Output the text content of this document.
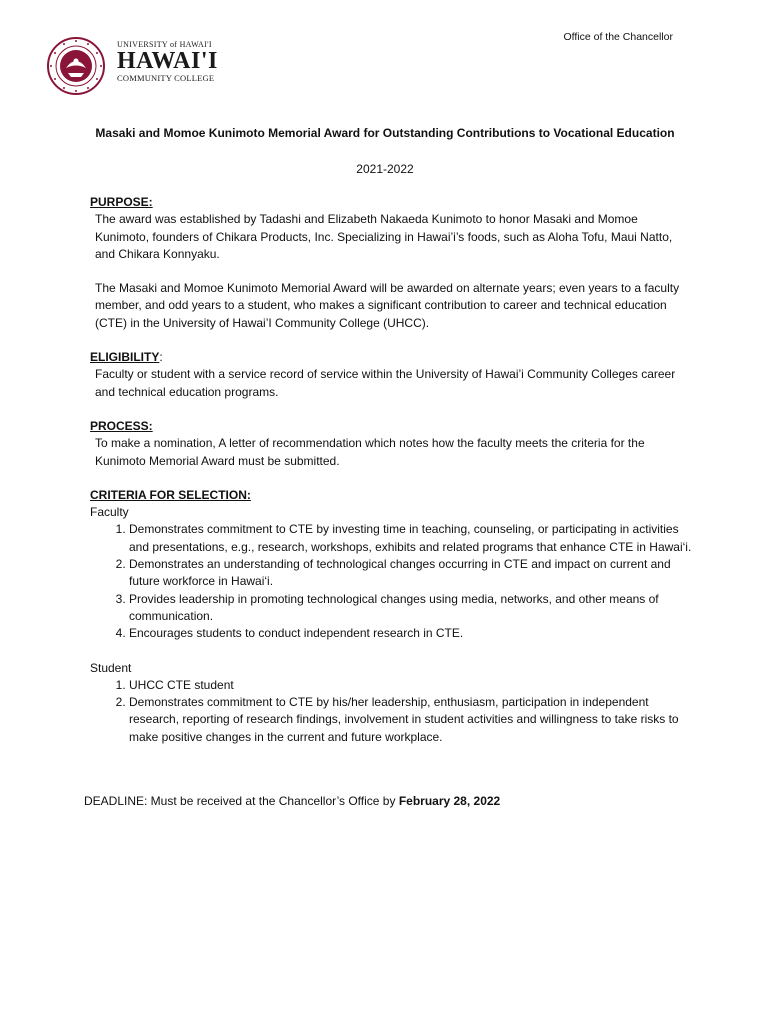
Office of the Chancellor
UNIVERSITY of HAWAI'I
HAWAI'I
COMMUNITY COLLEGE
Masaki and Momoe Kunimoto Memorial Award for Outstanding Contributions to Vocational Education
2021-2022
PURPOSE:

The award was established by Tadashi and Elizabeth Nakaeda Kunimoto to honor Masaki and Momoe Kunimoto, founders of Chikara Products, Inc. Specializing in Hawai’i’s foods, such as Aloha Tofu, Maui Natto, and Chikara Konnyaku.

The Masaki and Momoe Kunimoto Memorial Award will be awarded on alternate years; even years to a faculty member, and odd years to a student, who makes a significant contribution to career and technical education (CTE) in the University of Hawai’I Community College (UHCC).

ELIGIBILITY:

Faculty or student with a service record of service within the University of Hawai’i Community Colleges career and technical education programs.

PROCESS:

To make a nomination, A letter of recommendation which notes how the faculty meets the criteria for the Kunimoto Memorial Award must be submitted.

CRITERIA FOR SELECTION:
Faculty
1. Demonstrates commitment to CTE by investing time in teaching, counseling, or participating in activities and presentations, e.g., research, workshops, exhibits and related programs that enhance CTE in Hawai‘i.
2. Demonstrates an understanding of technological changes occurring in CTE and impact on current and future workforce in Hawai‘i.
3. Provides leadership in promoting technological changes using media, networks, and other means of communication.
4. Encourages students to conduct independent research in CTE.
Student
1. UHCC CTE student
2. Demonstrates commitment to CTE by his/her leadership, enthusiasm, participation in independent research, reporting of research findings, involvement in student activities and willingness to take risks to make positive changes in the current and future workplace.
DEADLINE: Must be received at the Chancellor’s Office by February 28, 2022
